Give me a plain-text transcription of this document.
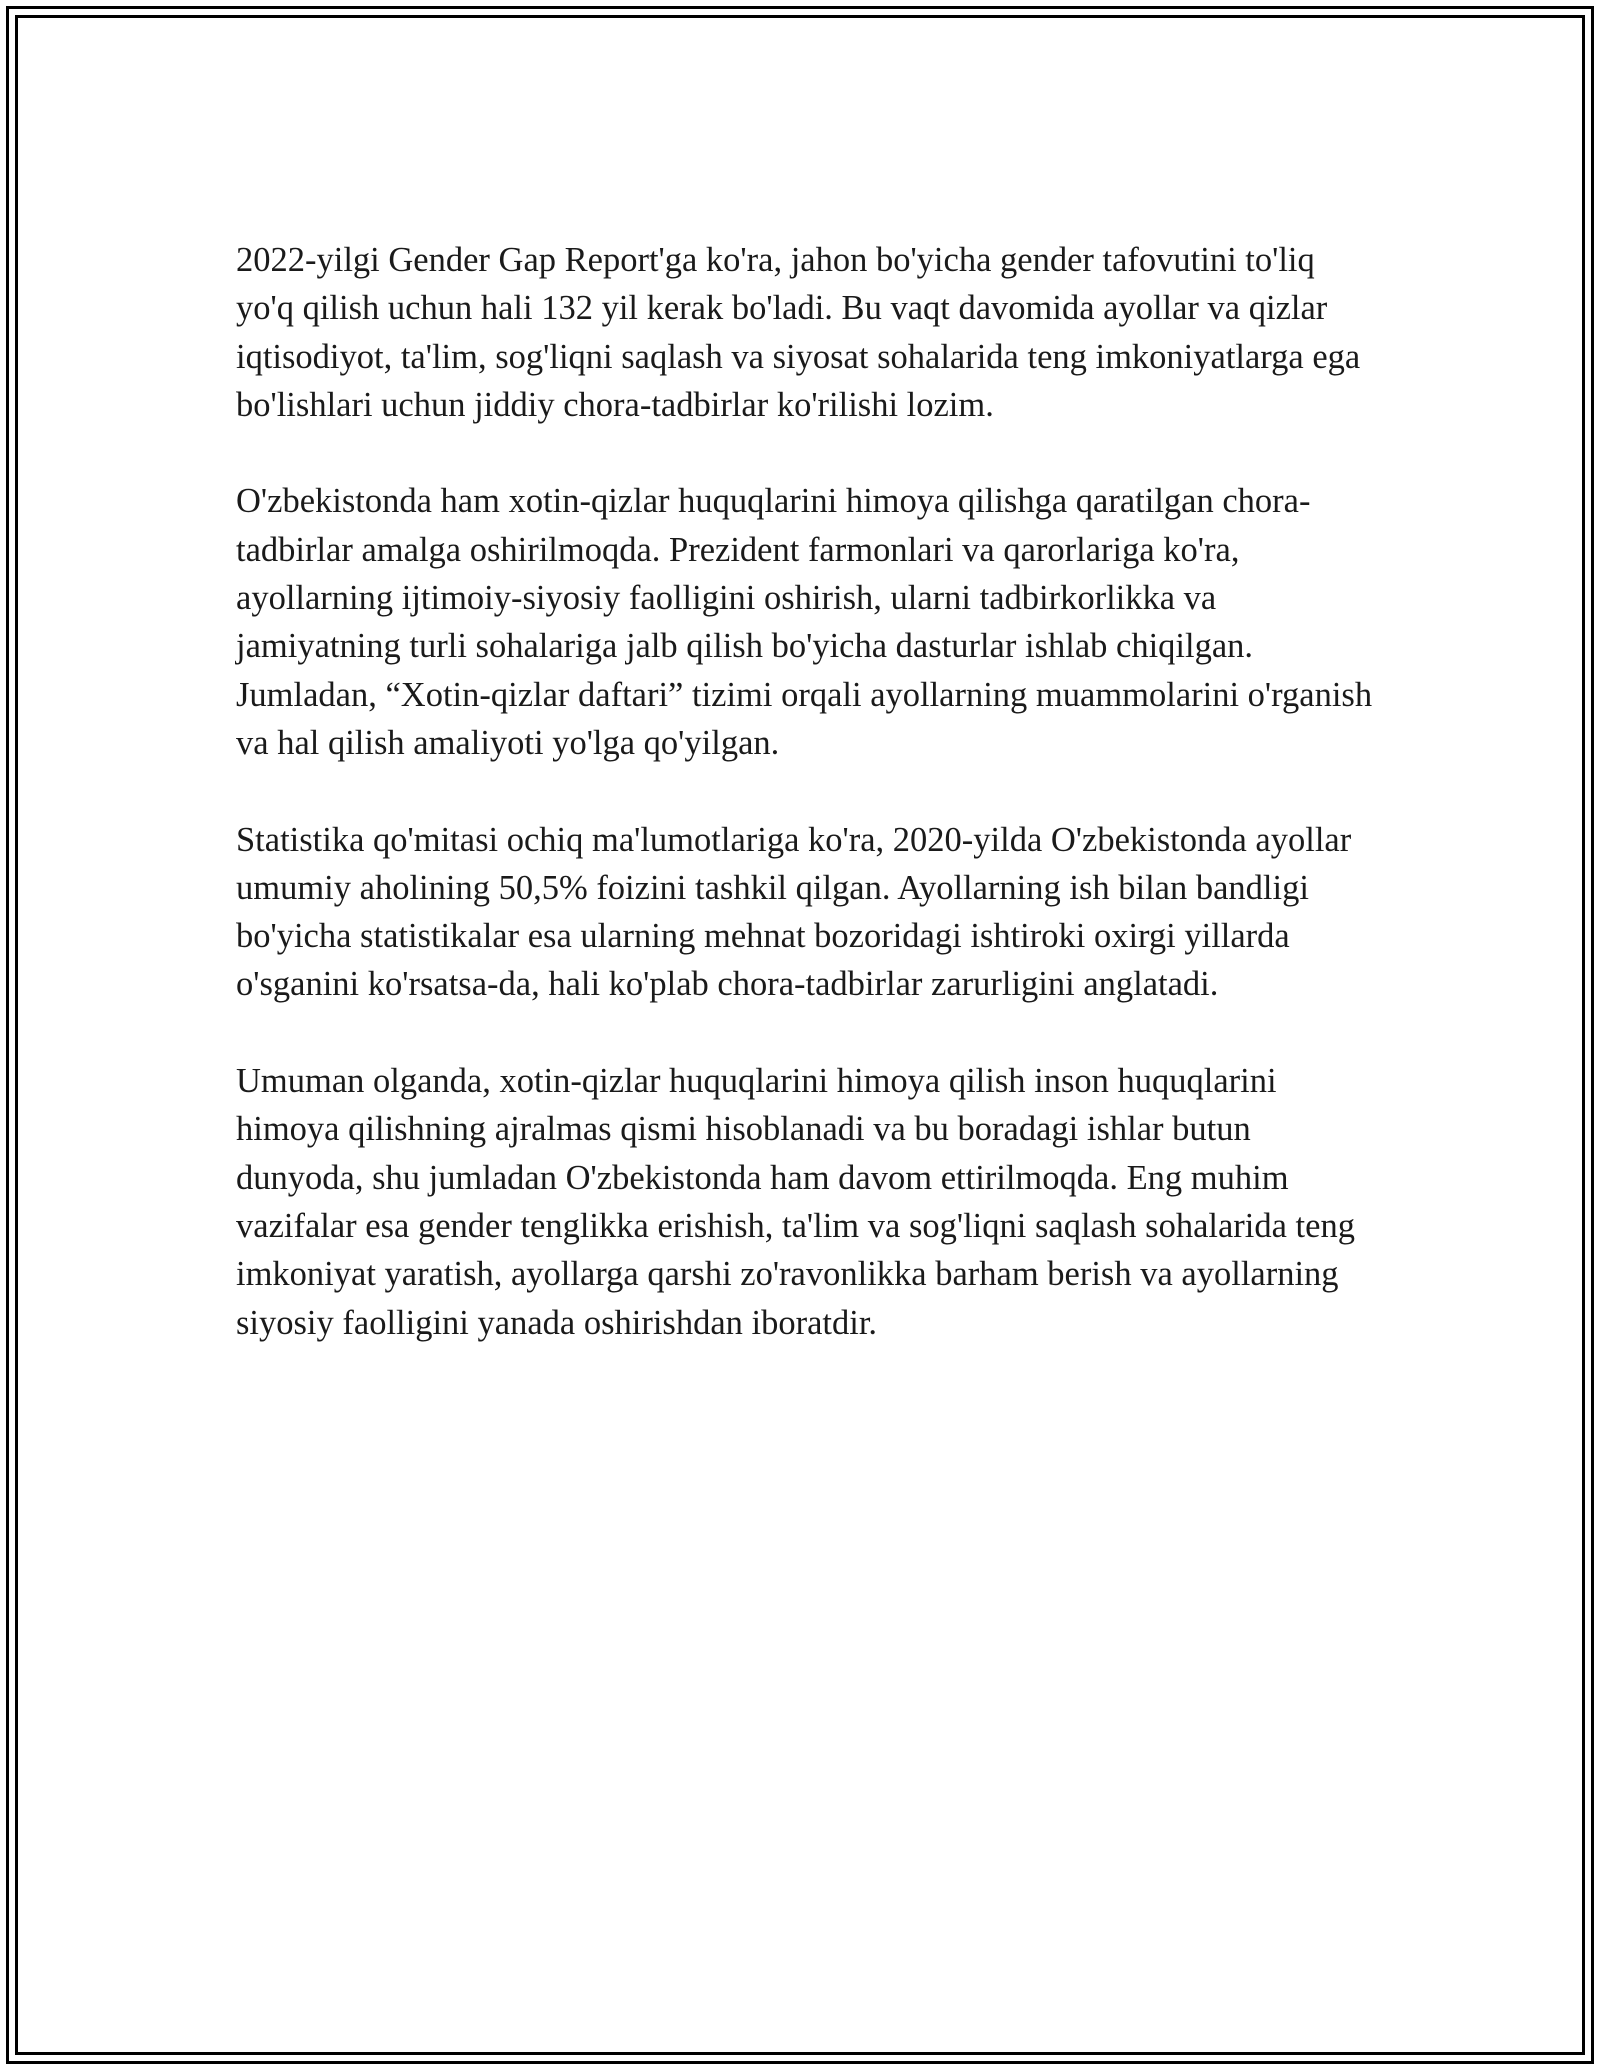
2022-yilgi Gender Gap Report'ga ko'ra, jahon bo'yicha gender tafovutini to'liq yo'q qilish uchun hali 132 yil kerak bo'ladi. Bu vaqt davomida ayollar va qizlar iqtisodiyot, ta'lim, sog'liqni saqlash va siyosat sohalarida teng imkoniyatlarga ega bo'lishlari uchun jiddiy chora-tadbirlar ko'rilishi lozim.

O'zbekistonda ham xotin-qizlar huquqlarini himoya qilishga qaratilgan chora-tadbirlar amalga oshirilmoqda. Prezident farmonlari va qarorlariga ko'ra, ayollarning ijtimoiy-siyosiy faolligini oshirish, ularni tadbirkorlikka va jamiyatning turli sohalariga jalb qilish bo'yicha dasturlar ishlab chiqilgan. Jumladan, “Xotin-qizlar daftari” tizimi orqali ayollarning muammolarini o'rganish va hal qilish amaliyoti yo'lga qo'yilgan.

Statistika qo'mitasi ochiq ma'lumotlariga ko'ra, 2020-yilda O'zbekistonda ayollar umumiy aholining 50,5% foizini tashkil qilgan. Ayollarning ish bilan bandligi bo'yicha statistikalar esa ularning mehnat bozoridagi ishtiroki oxirgi yillarda o'sganini ko'rsatsa-da, hali ko'plab chora-tadbirlar zarurligini anglatadi.

Umuman olganda, xotin-qizlar huquqlarini himoya qilish inson huquqlarini himoya qilishning ajralmas qismi hisoblanadi va bu boradagi ishlar butun dunyoda, shu jumladan O'zbekistonda ham davom ettirilmoqda. Eng muhim vazifalar esa gender tenglikka erishish, ta'lim va sog'liqni saqlash sohalarida teng imkoniyat yaratish, ayollarga qarshi zo'ravonlikka barham berish va ayollarning siyosiy faolligini yanada oshirishdan iboratdir.
